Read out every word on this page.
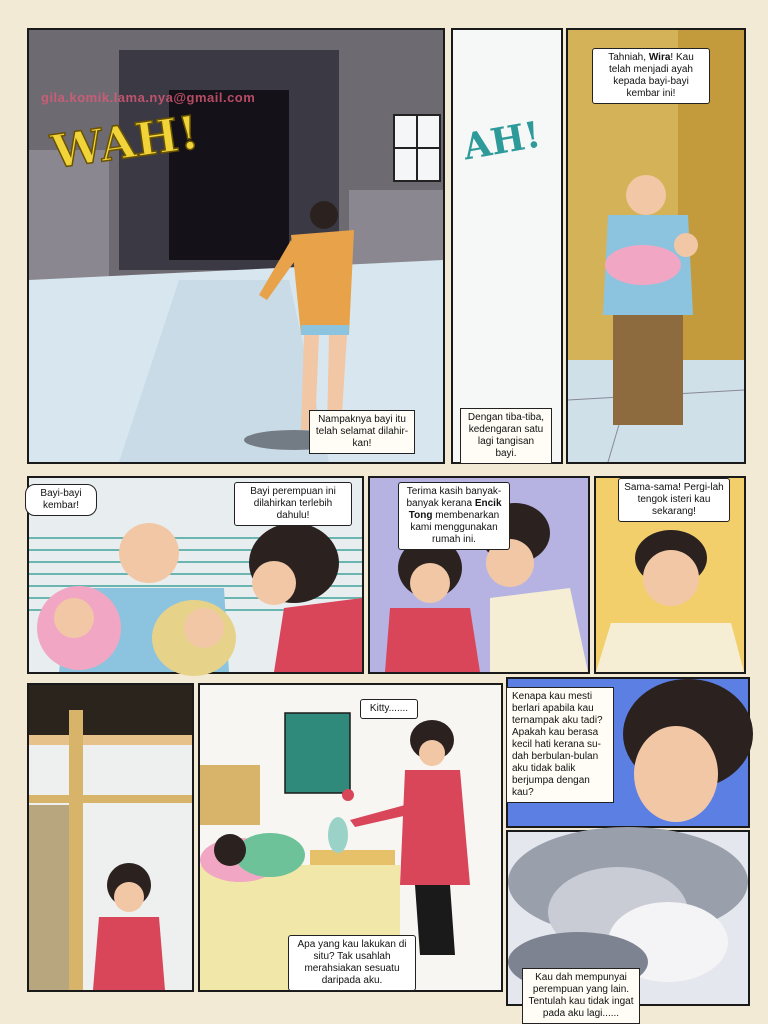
gila.komik.lama.nya@gmail.com
WAH!
Nampaknya bayi itu telah selamat dilahir-kan!
AH!
Dengan tiba-tiba, kedengaran satu lagi tangisan bayi.
Tahniah, Wira! Kau telah menjadi ayah kepada bayi-bayi kembar ini!
Bayi-bayi kembar!
Bayi perempuan ini dilahirkan terlebih dahulu!
Terima kasih banyak-banyak kerana Encik Tong membenarkan kami menggunakan rumah ini.
Sama-sama! Pergi-lah tengok isteri kau sekarang!
Kitty.......
Apa yang kau lakukan di situ? Tak usahlah merahsiakan sesuatu daripada aku.
Kenapa kau mesti berlari apabila kau ternampak aku tadi? Apakah kau berasa kecil hati kerana su-dah berbulan-bulan aku tidak balik berjumpa dengan kau?
Kau dah mempunyai perempuan yang lain. Tentulah kau tidak ingat pada aku lagi......
